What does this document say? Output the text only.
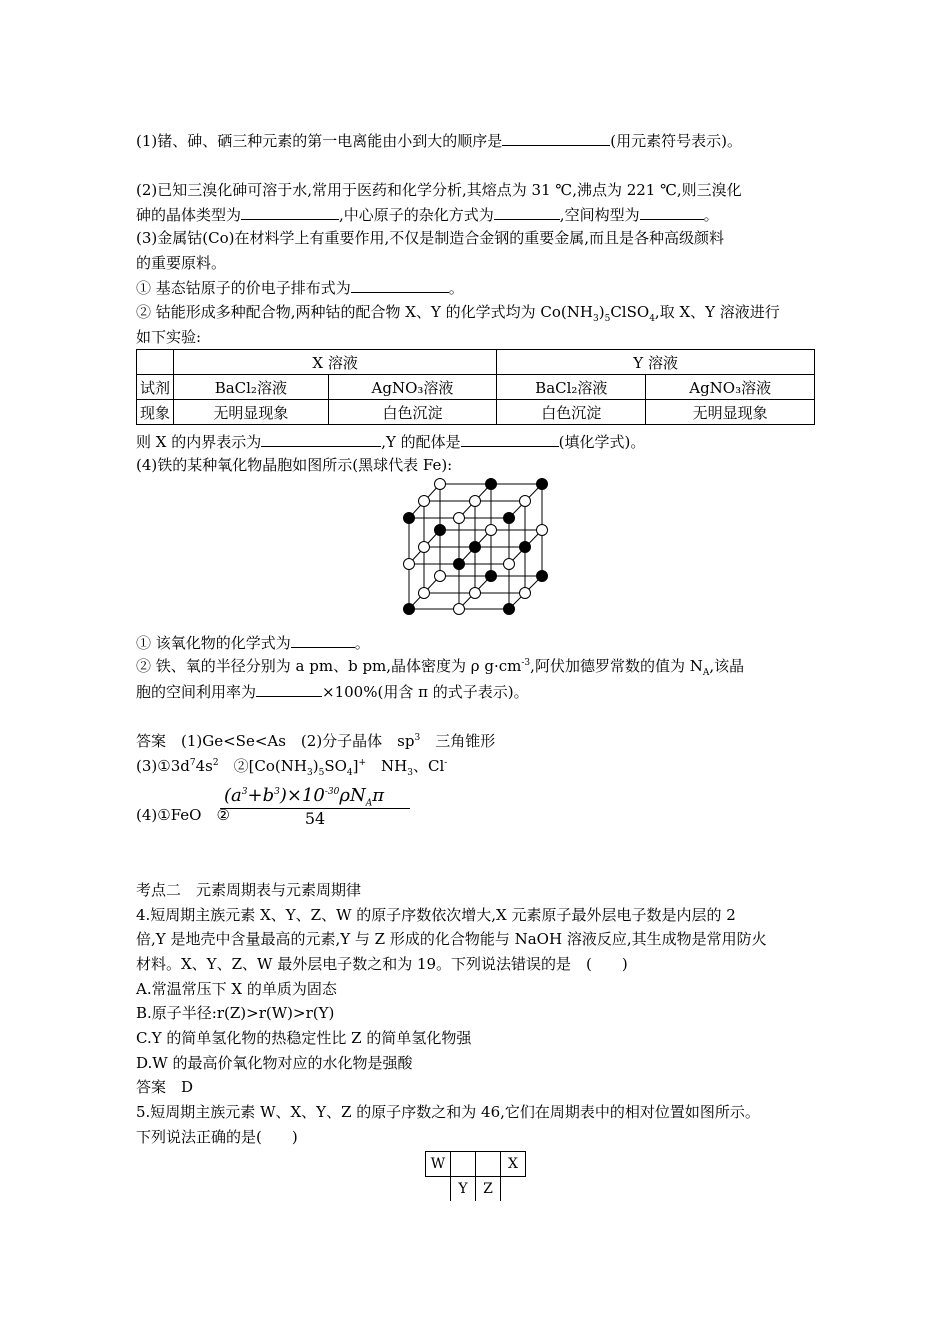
(1)锗、砷、硒三种元素的第一电离能由小到大的顺序是	(用元素符号表示)。
(2)已知三溴化砷可溶于水,常用于医药和化学分析,其熔点为 31 ℃,沸点为 221 ℃,则三溴化
砷的晶体类型为	,中心原子的杂化方式为	,空间构型为	。
(3)金属钴(Co)在材料学上有重要作用,不仅是制造合金钢的重要金属,而且是各种高级颜料
的重要原料。
① 基态钴原子的价电子排布式为	。
② 钴能形成多种配合物,两种钴的配合物 X、Y 的化学式均为 $Co(NH_3)_5ClSO_4$,取 X、Y 溶液进行
如下实验:
	X 溶液		Y 溶液	
试剂	BaCl₂溶液	AgNO₃溶液	BaCl₂溶液	AgNO₃溶液
现象	无明显现象	白色沉淀	白色沉淀	无明显现象
则 X 的内界表示为	,Y 的配体是	(填化学式)。
(4)铁的某种氧化物晶胞如图所示(黑球代表 Fe):
① 该氧化物的化学式为	。
② 铁、氧的半径分别为 a pm、b pm,晶体密度为 ρ $g\cdot cm^{-3}$,阿伏加德罗常数的值为 $N_A$,该晶
胞的空间利用率为	×100%(用含 π 的式子表示)。
答案　(1)Ge<Se<As　(2)分子晶体　$sp^3$　三角锥形
$(3)①3d^74s^2$　$②[Co(NH_3)_5SO_4]^+$　$NH_3$、Cl-
(4)①FeO　②
$(a^3+b^3)\times 10^{-30}\rho N_A\pi$
54
考点二　元素周期表与元素周期律
4.短周期主族元素 X、Y、Z、W 的原子序数依次增大,X 元素原子最外层电子数是内层的 2
倍,Y 是地壳中含量最高的元素,Y 与 Z 形成的化合物能与 NaOH 溶液反应,其生成物是常用防火
材料。X、Y、Z、W 最外层电子数之和为 19。下列说法错误的是　(　　)
A.常温常压下 X 的单质为固态
B.原子半径:r(Z)>r(W)>r(Y)
C.Y 的简单氢化物的热稳定性比 Z 的简单氢化物强
D.W 的最高价氧化物对应的水化物是强酸
答案　D
5.短周期主族元素 W、X、Y、Z 的原子序数之和为 46,它们在周期表中的相对位置如图所示。
下列说法正确的是(　　)
W			X
	Y	Z	
